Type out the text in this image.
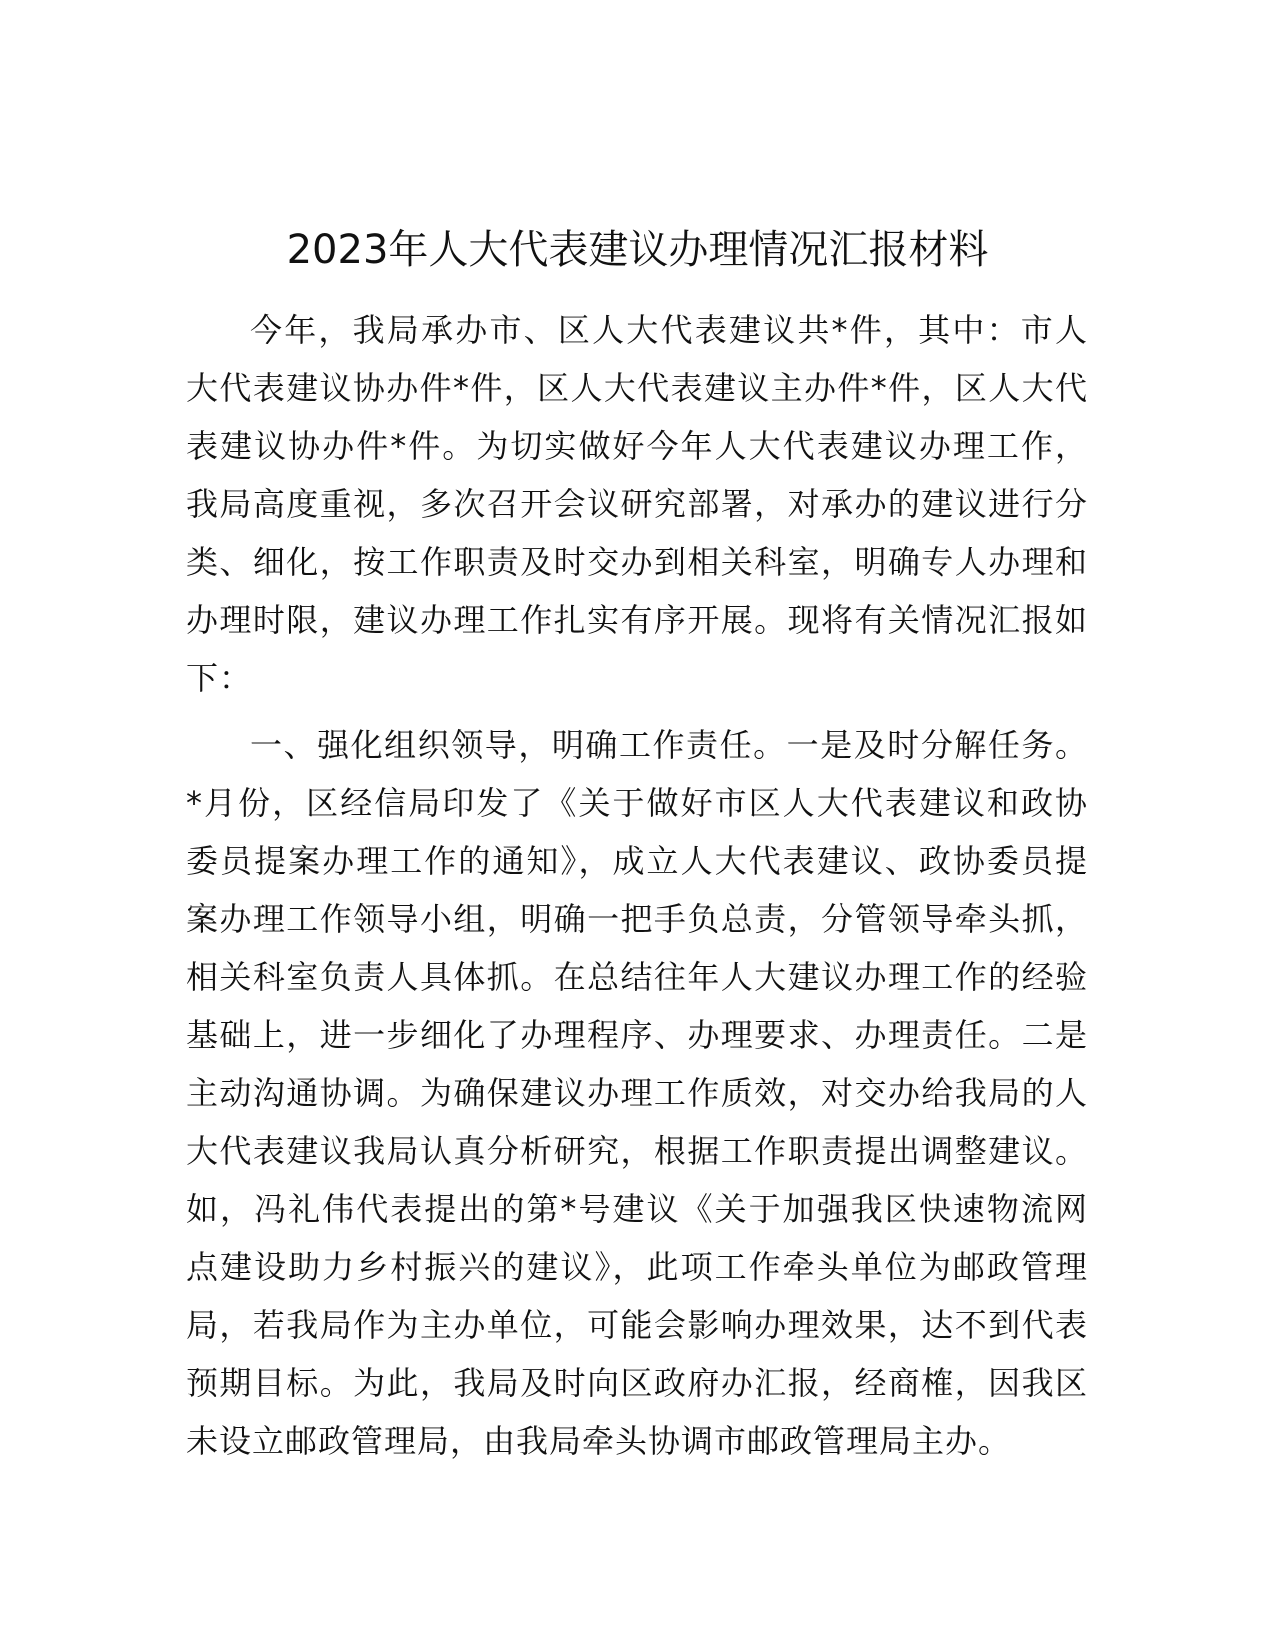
2023年人大代表建议办理情况汇报材料

今年，我局承办市、区人大代表建议共*件，其中：市人大代表建议协办件*件，区人大代表建议主办件*件，区人大代表建议协办件*件。为切实做好今年人大代表建议办理工作，我局高度重视，多次召开会议研究部署，对承办的建议进行分类、细化，按工作职责及时交办到相关科室，明确专人办理和办理时限，建议办理工作扎实有序开展。现将有关情况汇报如下：

一、强化组织领导，明确工作责任。一是及时分解任务。*月份，区经信局印发了《关于做好市区人大代表建议和政协委员提案办理工作的通知》，成立人大代表建议、政协委员提案办理工作领导小组，明确一把手负总责，分管领导牵头抓，相关科室负责人具体抓。在总结往年人大建议办理工作的经验基础上，进一步细化了办理程序、办理要求、办理责任。二是主动沟通协调。为确保建议办理工作质效，对交办给我局的人大代表建议我局认真分析研究，根据工作职责提出调整建议。如，冯礼伟代表提出的第*号建议《关于加强我区快速物流网点建设助力乡村振兴的建议》，此项工作牵头单位为邮政管理局，若我局作为主办单位，可能会影响办理效果，达不到代表预期目标。为此，我局及时向区政府办汇报，经商榷，因我区未设立邮政管理局，由我局牵头协调市邮政管理局主办。
